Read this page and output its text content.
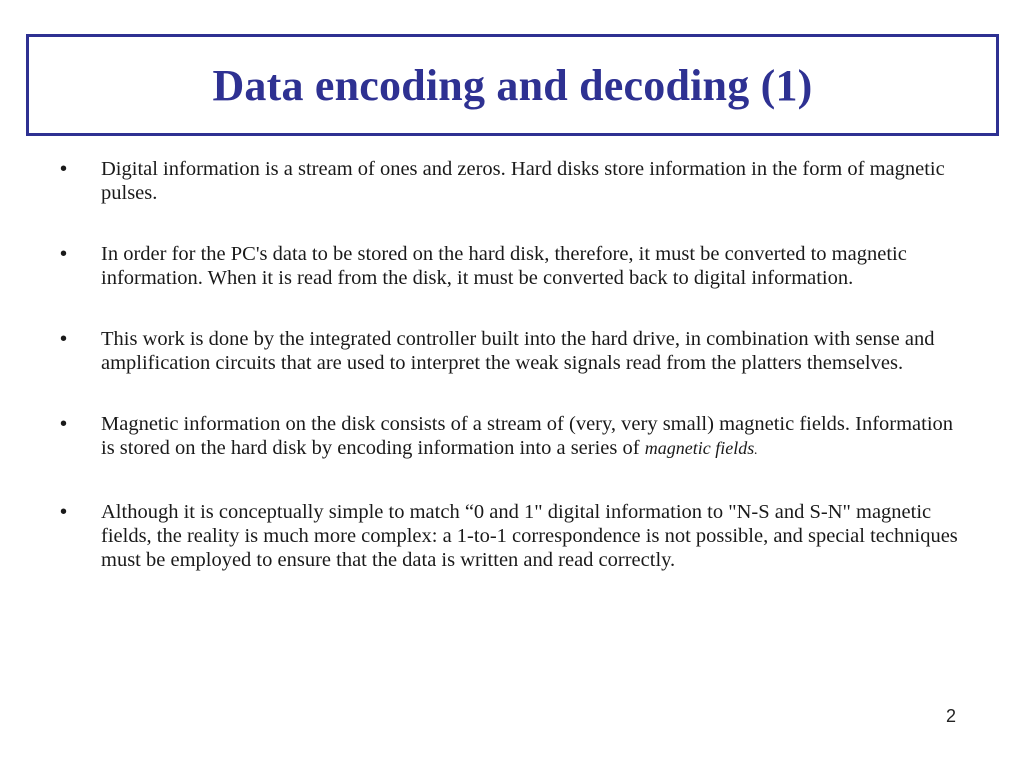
Data encoding and decoding (1)
• Digital information is a stream of ones and zeros. Hard disks store information in the form of magnetic pulses.
• In order for the PC's data to be stored on the hard disk, therefore, it must be converted to magnetic information. When it is read from the disk, it must be converted back to digital information.
• This work is done by the integrated controller built into the hard drive, in combination with sense and amplification circuits that are used to interpret the weak signals read from the platters themselves.
• Magnetic information on the disk consists of a stream of (very, very small) magnetic fields. Information is stored on the hard disk by encoding information into a series of magnetic fields.
• Although it is conceptually simple to match “0 and 1" digital information to "N-S and S-N" magnetic fields, the reality is much more complex: a 1-to-1 correspondence is not possible, and special techniques must be employed to ensure that the data is written and read correctly.
2
